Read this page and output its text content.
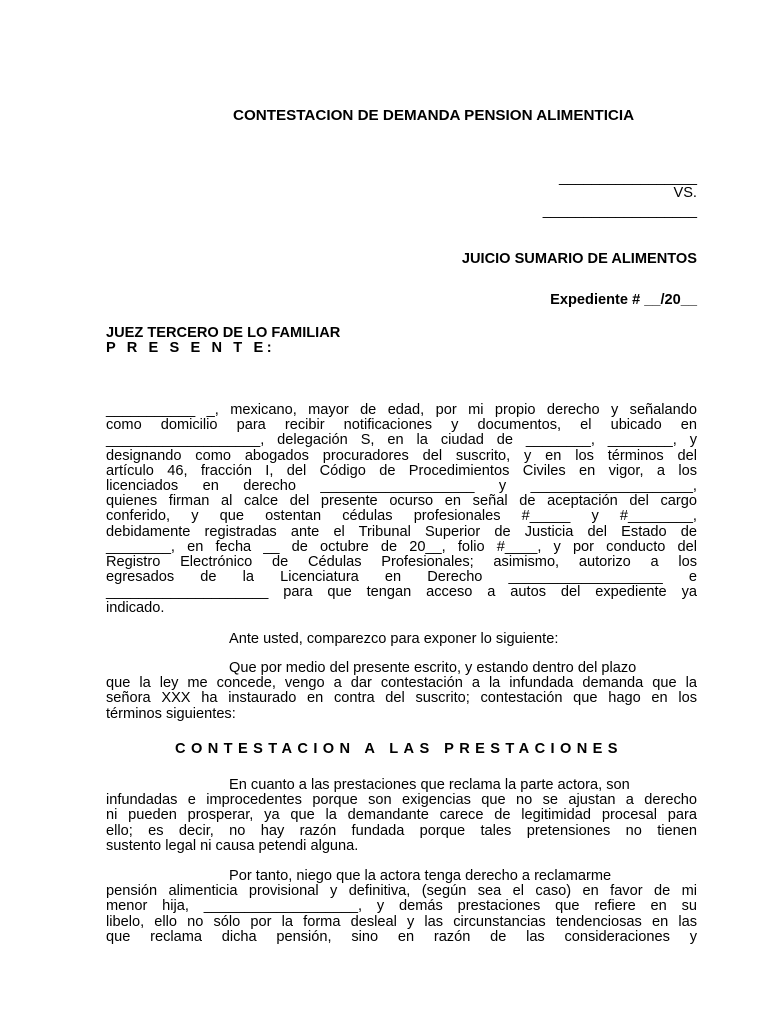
CONTESTACION DE DEMANDA PENSION ALIMENTICIA
_________________
VS.
___________________
JUICIO SUMARIO DE ALIMENTOS
Expediente # __/20__
JUEZ TERCERO DE LO FAMILIAR
P R E S E N T E:
___________ _, mexicano, mayor de edad, por mi propio derecho y señalando
como domicilio para recibir notificaciones y documentos, el ubicado en
___________________, delegación S, en la ciudad de ________, ________, y
designando como abogados procuradores del suscrito, y en los términos del
artículo 46, fracción I, del Código de Procedimientos Civiles en vigor, a los
licenciados en derecho ___________________ y ____________________,
quienes firman al calce del presente ocurso en señal de aceptación del cargo
conferido, y que ostentan cédulas profesionales #_____ y #________,
debidamente registradas ante el Tribunal Superior de Justicia del Estado de
________, en fecha __ de octubre de 20__, folio #____, y por conducto del
Registro Electrónico de Cédulas Profesionales; asimismo, autorizo a los
egresados de la Licenciatura en Derecho ___________________ e
____________________ para que tengan acceso a autos del expediente ya
indicado.
Ante usted, comparezco para exponer lo siguiente:
Que por medio del presente escrito, y estando dentro del plazo
que la ley me concede, vengo a dar contestación a la infundada demanda que la
señora XXX ha instaurado en contra del suscrito; contestación que hago en los
términos siguientes:
CONTESTACION A LAS PRESTACIONES
En cuanto a las prestaciones que reclama la parte actora, son
infundadas e improcedentes porque son exigencias que no se ajustan a derecho
ni pueden prosperar, ya que la demandante carece de legitimidad procesal para
ello; es decir, no hay razón fundada porque tales pretensiones no tienen
sustento legal ni causa petendi alguna.
Por tanto, niego que la actora tenga derecho a reclamarme
pensión alimenticia provisional y definitiva, (según sea el caso) en favor de mi
menor hija, ___________________, y demás prestaciones que refiere en su
libelo, ello no sólo por la forma desleal y las circunstancias tendenciosas en las
que reclama dicha pensión, sino en razón de las consideraciones y
